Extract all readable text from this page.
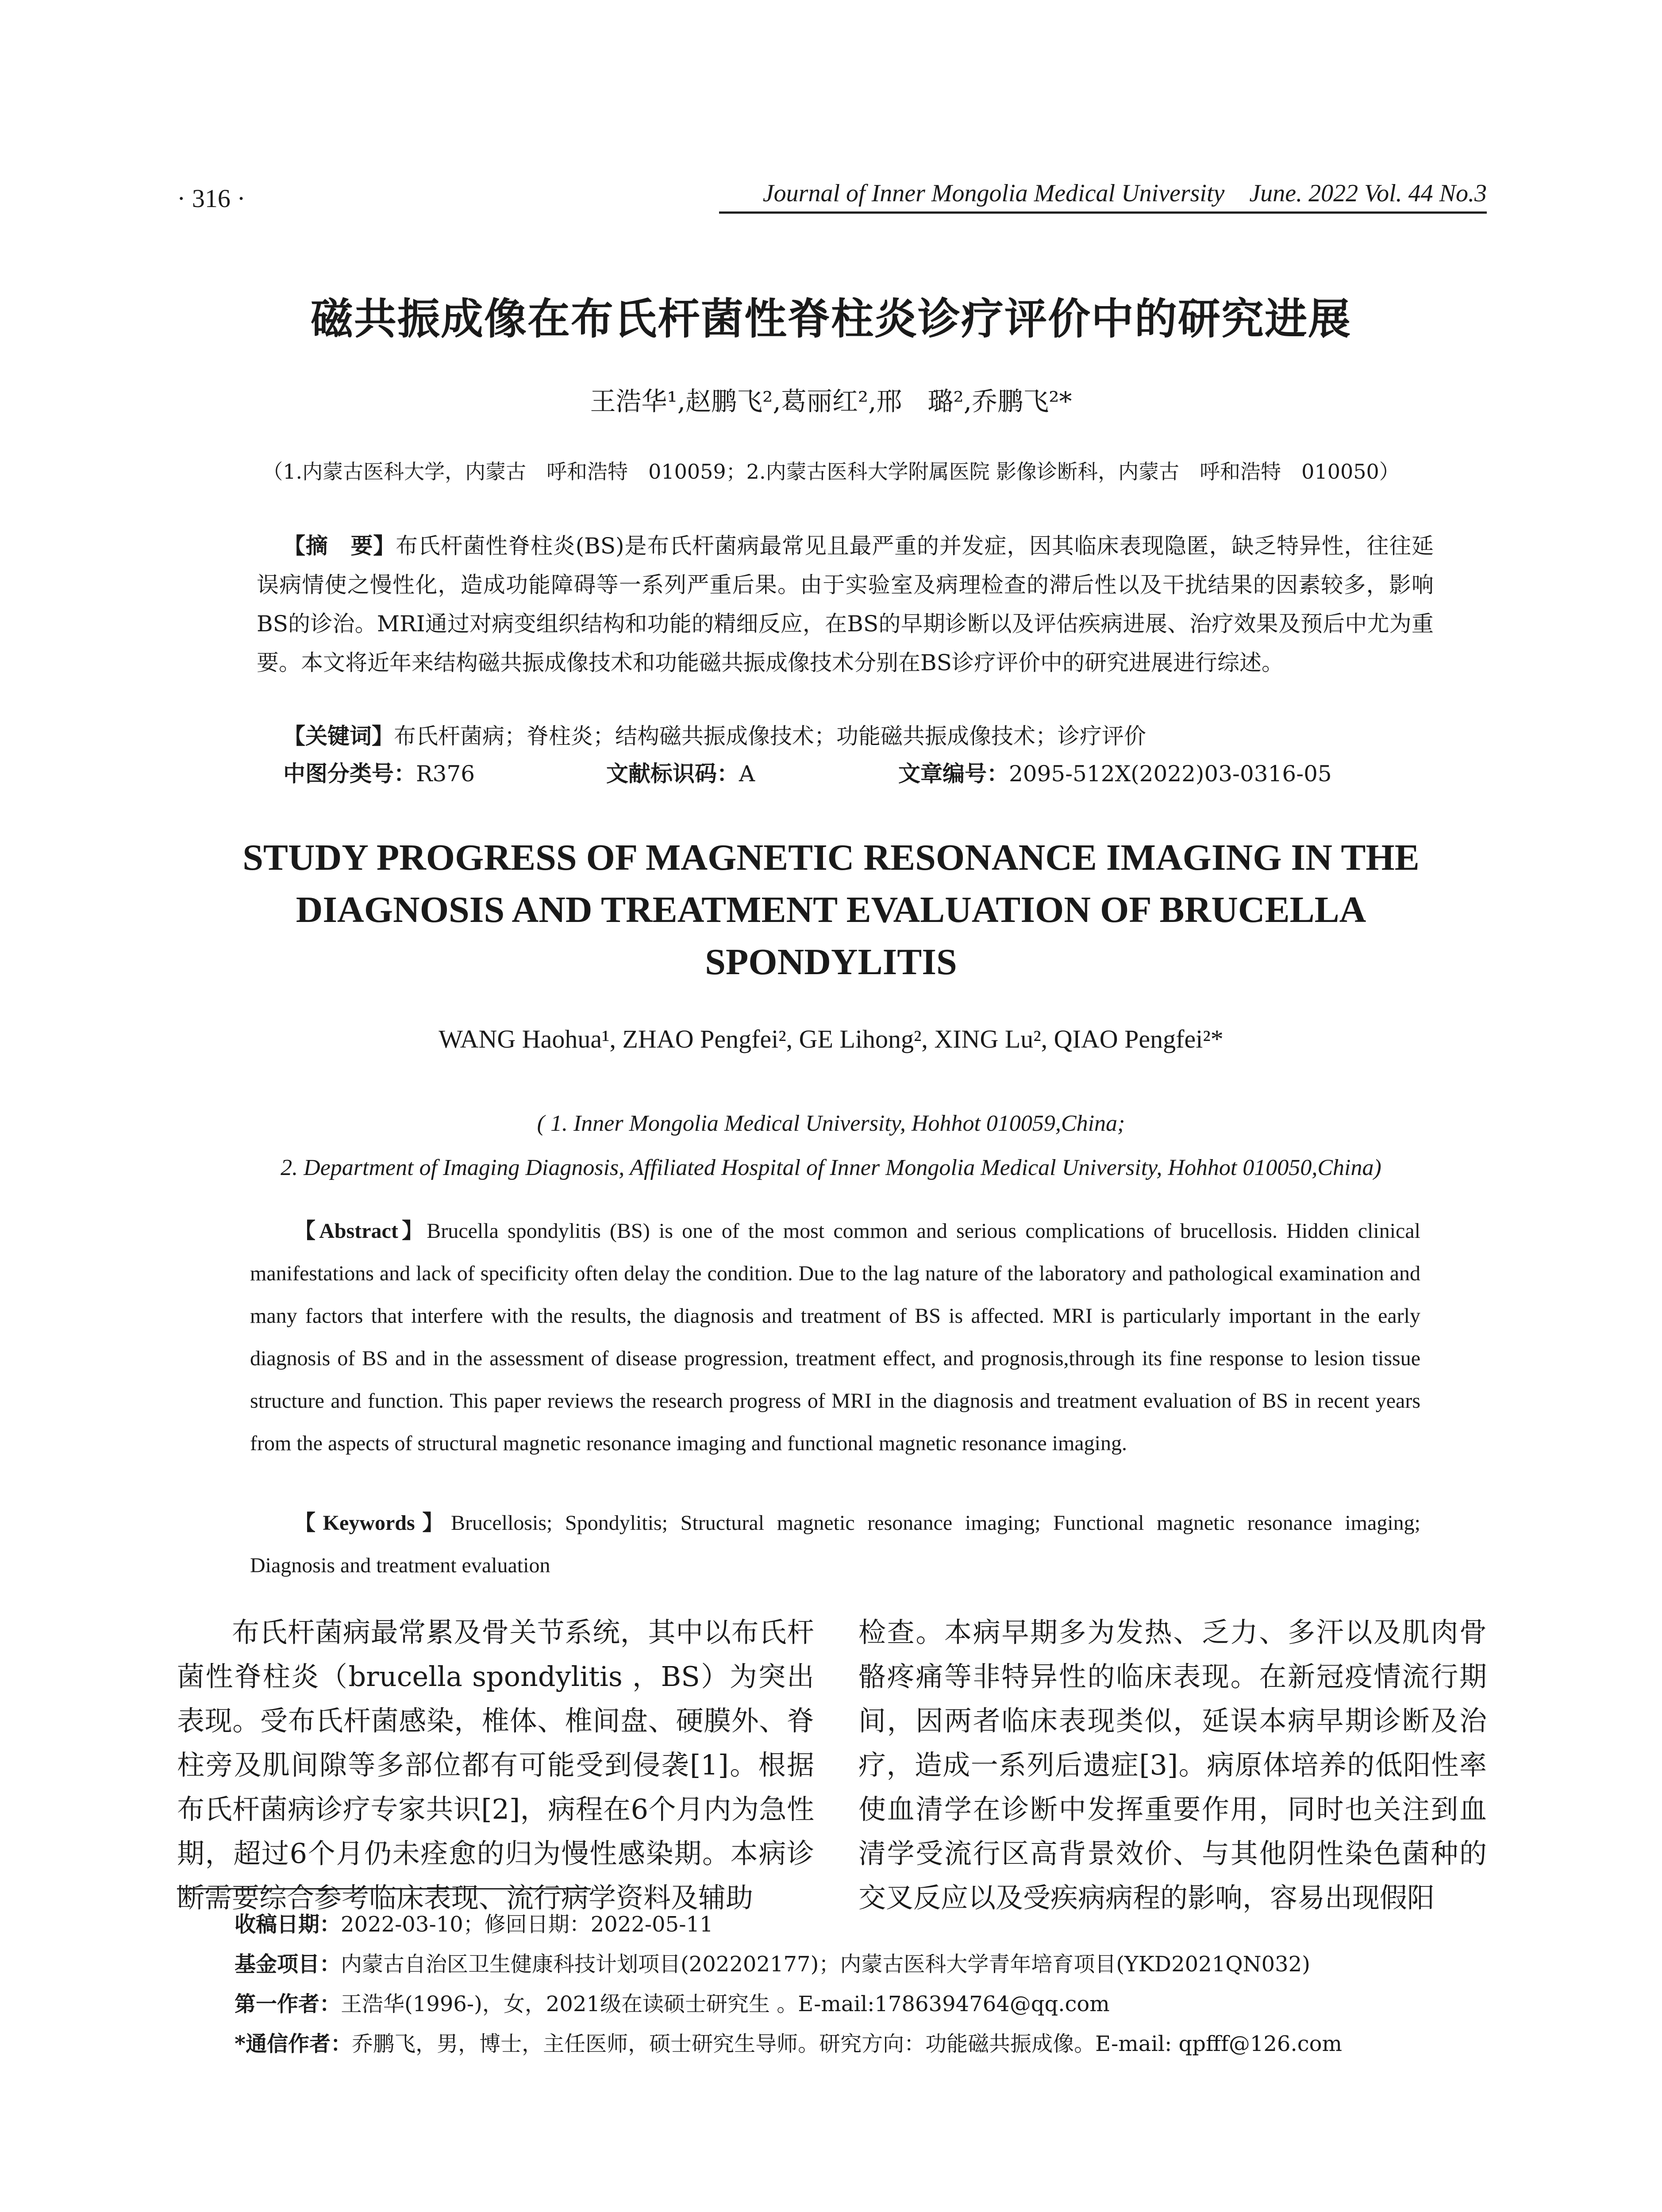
· 316 ·	Journal of Inner Mongolia Medical University June. 2022 Vol. 44 No.3
磁共振成像在布氏杆菌性脊柱炎诊疗评价中的研究进展
王浩华¹,赵鹏飞²,葛丽红²,邢　璐²,乔鹏飞²*
（1.内蒙古医科大学，内蒙古　呼和浩特　010059；2.内蒙古医科大学附属医院 影像诊断科，内蒙古　呼和浩特　010050）
【摘　要】布氏杆菌性脊柱炎(BS)是布氏杆菌病最常见且最严重的并发症，因其临床表现隐匿，缺乏特异性，往往延误病情使之慢性化，造成功能障碍等一系列严重后果。由于实验室及病理检查的滞后性以及干扰结果的因素较多，影响BS的诊治。MRI通过对病变组织结构和功能的精细反应，在BS的早期诊断以及评估疾病进展、治疗效果及预后中尤为重要。本文将近年来结构磁共振成像技术和功能磁共振成像技术分别在BS诊疗评价中的研究进展进行综述。
【关键词】布氏杆菌病；脊柱炎；结构磁共振成像技术；功能磁共振成像技术；诊疗评价
中图分类号：R376	文献标识码：A	文章编号：2095-512X(2022)03-0316-05
STUDY PROGRESS OF MAGNETIC RESONANCE IMAGING IN THE DIAGNOSIS AND TREATMENT EVALUATION OF BRUCELLA SPONDYLITIS
WANG Haohua¹, ZHAO Pengfei², GE Lihong², XING Lu², QIAO Pengfei²*
( 1. Inner Mongolia Medical University, Hohhot 010059,China;
2. Department of Imaging Diagnosis, Affiliated Hospital of Inner Mongolia Medical University, Hohhot 010050,China)
【Abstract】Brucella spondylitis (BS) is one of the most common and serious complications of brucellosis. Hidden clinical manifestations and lack of specificity often delay the condition. Due to the lag nature of the laboratory and pathological examination and many factors that interfere with the results, the diagnosis and treatment of BS is affected. MRI is particularly important in the early diagnosis of BS and in the assessment of disease progression, treatment effect, and prognosis,through its fine response to lesion tissue structure and function. This paper reviews the research progress of MRI in the diagnosis and treatment evaluation of BS in recent years from the aspects of structural magnetic resonance imaging and functional magnetic resonance imaging.
【Keywords】Brucellosis; Spondylitis; Structural magnetic resonance imaging; Functional magnetic resonance imaging; Diagnosis and treatment evaluation
布氏杆菌病最常累及骨关节系统，其中以布氏杆菌性脊柱炎（brucella spondylitis ，BS）为突出表现。受布氏杆菌感染，椎体、椎间盘、硬膜外、脊柱旁及肌间隙等多部位都有可能受到侵袭[1]。根据布氏杆菌病诊疗专家共识[2]，病程在6个月内为急性期，超过6个月仍未痊愈的归为慢性感染期。本病诊断需要综合参考临床表现、流行病学资料及辅助
检查。本病早期多为发热、乏力、多汗以及肌肉骨骼疼痛等非特异性的临床表现。在新冠疫情流行期间，因两者临床表现类似，延误本病早期诊断及治疗，造成一系列后遗症[3]。病原体培养的低阳性率使血清学在诊断中发挥重要作用，同时也关注到血清学受流行区高背景效价、与其他阴性染色菌种的交叉反应以及受疾病病程的影响，容易出现假阳
收稿日期：2022-03-10；修回日期：2022-05-11
基金项目：内蒙古自治区卫生健康科技计划项目(202202177)；内蒙古医科大学青年培育项目(YKD2021QN032)
第一作者：王浩华(1996-)，女，2021级在读硕士研究生 。E-mail:1786394764@qq.com
*通信作者：乔鹏飞，男，博士，主任医师，硕士研究生导师。研究方向：功能磁共振成像。E-mail: qpfff@126.com
